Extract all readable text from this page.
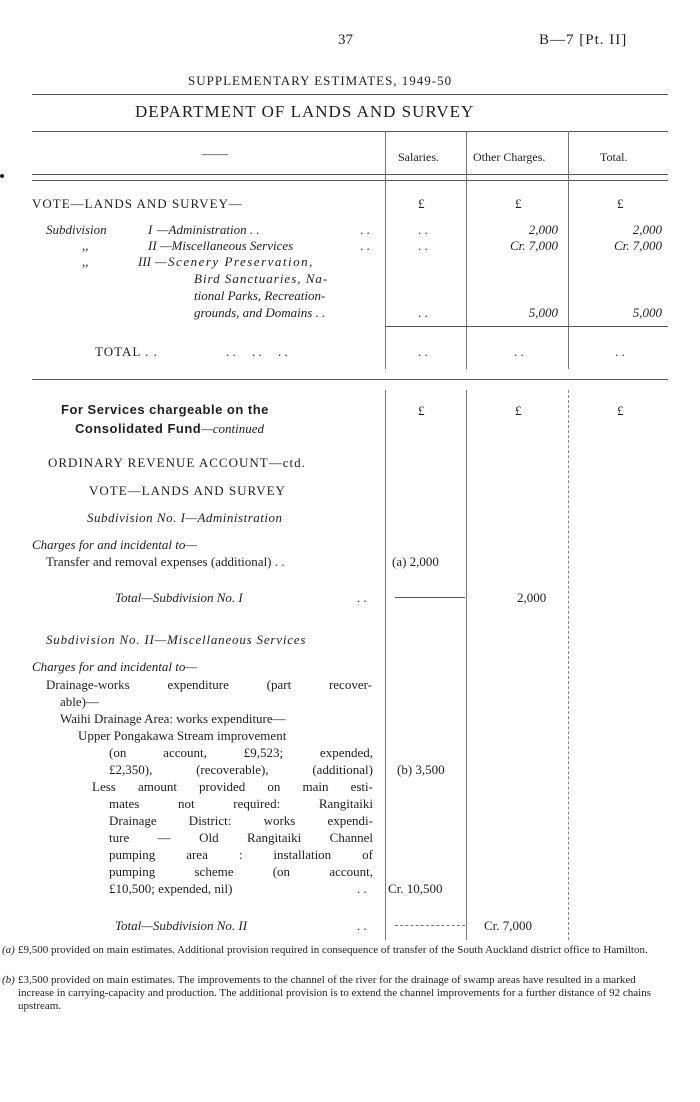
37	B—7 [Pt. II]
SUPPLEMENTARY ESTIMATES, 1949-50
DEPARTMENT OF LANDS AND SURVEY
——	Salaries.	Other Charges.	Total.
VOTE—LANDS AND SURVEY—	£	£	£
Subdivision	I —Administration . .	. .	. .	2,000	2,000
,,	II —Miscellaneous Services	. .	. .	Cr. 7,000	Cr. 7,000
,,	III —Scenery Preservation,
Bird Sanctuaries, Na-
tional Parks, Recreation-
grounds, and Domains . .	. .	5,000	5,000
TOTAL . .	. .     . .     . .	. .	. .	. .
For Services chargeable on the
Consolidated Fund—continued
£	£	£
ORDINARY REVENUE ACCOUNT—ctd.
VOTE—LANDS AND SURVEY
Subdivision No. I—Administration
Charges for and incidental to—
Transfer and removal expenses (additional) . .	(a) 2,000
Total—Subdivision No. I	. .	2,000
Subdivision No. II—Miscellaneous Services
Charges for and incidental to—
Drainage-works expenditure (part recover-
able)—
Waihi Drainage Area: works expenditure—
Upper Pongakawa Stream improvement
(on account, £9,523; expended,
£2,350), (recoverable), (additional) (b) 3,500
Less amount provided on main esti-
mates not required: Rangitaiki
Drainage District: works expendi-
ture — Old Rangitaiki Channel
pumping area : installation of
pumping scheme (on account,
£10,500; expended, nil)	. . Cr. 10,500
Total—Subdivision No. II	. .	Cr. 7,000
(a) £9,500 provided on main estimates. Additional provision required in consequence of transfer of the South Auckland district office to Hamilton.
(b) £3,500 provided on main estimates. The improvements to the channel of the river for the drainage of swamp areas have resulted in a marked increase in carrying-capacity and production. The additional provision is to extend the channel improvements for a further distance of 92 chains upstream.
